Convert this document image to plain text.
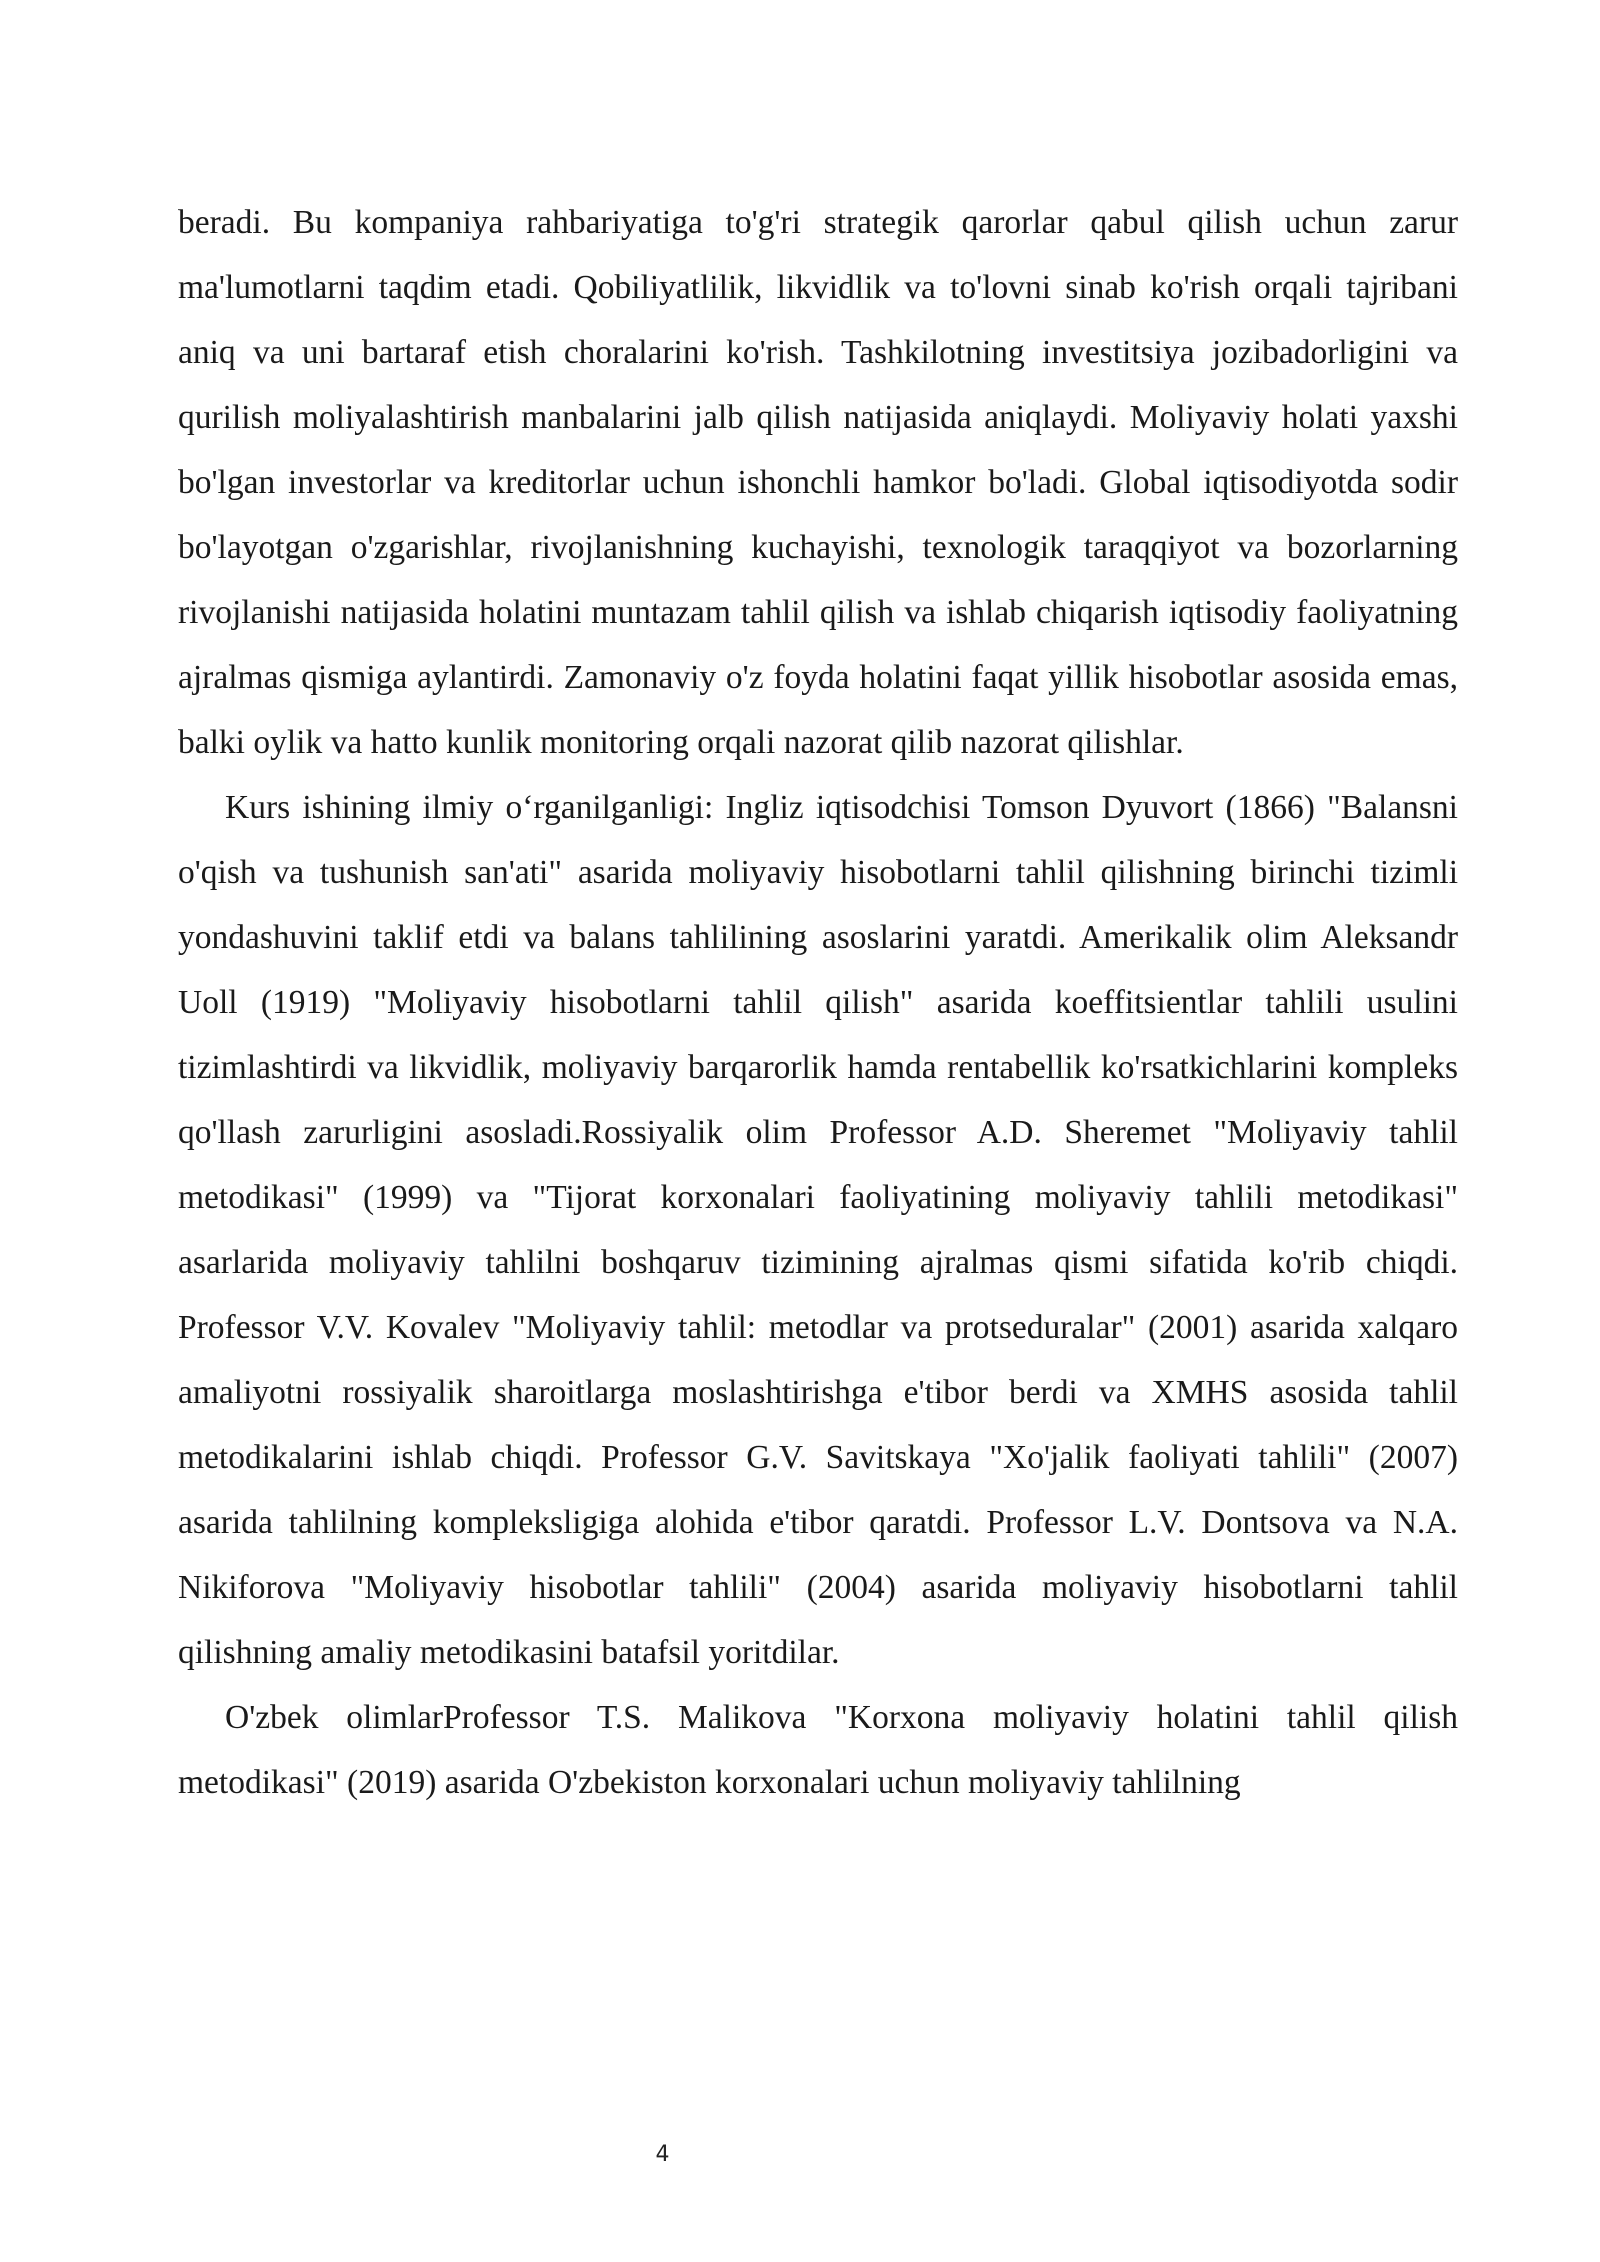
beradi. Bu kompaniya rahbariyatiga to'g'ri strategik qarorlar qabul qilish uchun zarur ma'lumotlarni taqdim etadi. Qobiliyatlilik, likvidlik va to'lovni sinab ko'rish orqali tajribani aniq va uni bartaraf etish choralarini ko'rish. Tashkilotning investitsiya jozibadorligini va qurilish moliyalashtirish manbalarini jalb qilish natijasida aniqlaydi. Moliyaviy holati yaxshi bo'lgan investorlar va kreditorlar uchun ishonchli hamkor bo'ladi. Global iqtisodiyotda sodir bo'layotgan o'zgarishlar, rivojlanishning kuchayishi, texnologik taraqqiyot va bozorlarning rivojlanishi natijasida holatini muntazam tahlil qilish va ishlab chiqarish iqtisodiy faoliyatning ajralmas qismiga aylantirdi. Zamonaviy o'z foyda holatini faqat yillik hisobotlar asosida emas, balki oylik va hatto kunlik monitoring orqali nazorat qilib nazorat qilishlar.

Kurs ishining ilmiy o‘rganilganligi: Ingliz iqtisodchisi Tomson Dyuvort (1866) "Balansni o'qish va tushunish san'ati" asarida moliyaviy hisobotlarni tahlil qilishning birinchi tizimli yondashuvini taklif etdi va balans tahlilining asoslarini yaratdi. Amerikalik olim Aleksandr Uoll (1919) "Moliyaviy hisobotlarni tahlil qilish" asarida koeffitsientlar tahlili usulini tizimlashtirdi va likvidlik, moliyaviy barqarorlik hamda rentabellik ko'rsatkichlarini kompleks qo'llash zarurligini asosladi.Rossiyalik olim Professor A.D. Sheremet "Moliyaviy tahlil metodikasi" (1999) va "Tijorat korxonalari faoliyatining moliyaviy tahlili metodikasi" asarlarida moliyaviy tahlilni boshqaruv tizimining ajralmas qismi sifatida ko'rib chiqdi. Professor V.V. Kovalev "Moliyaviy tahlil: metodlar va protseduralar" (2001) asarida xalqaro amaliyotni rossiyalik sharoitlarga moslashtirishga e'tibor berdi va XMHS asosida tahlil metodikalarini ishlab chiqdi. Professor G.V. Savitskaya "Xo'jalik faoliyati tahlili" (2007) asarida tahlilning kompleksligiga alohida e'tibor qaratdi. Professor L.V. Dontsova va N.A. Nikiforova "Moliyaviy hisobotlar tahlili" (2004) asarida moliyaviy hisobotlarni tahlil qilishning amaliy metodikasini batafsil yoritdilar.

O'zbek olimlarProfessor T.S. Malikova "Korxona moliyaviy holatini tahlil qilish metodikasi" (2019) asarida O'zbekiston korxonalari uchun moliyaviy tahlilning

4
